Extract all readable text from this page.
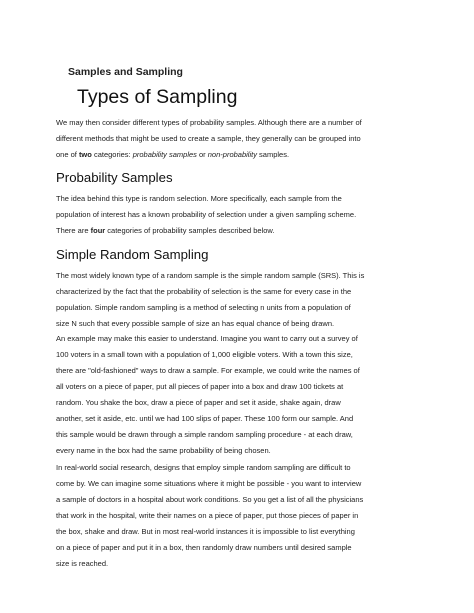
Samples and Sampling
Types of Sampling

We may then consider different types of probability samples. Although there are a number of
different methods that might be used to create a sample, they generally can be grouped into
one of two categories: probability samples or non-probability samples.

Probability Samples

The idea behind this type is random selection. More specifically, each sample from the
population of interest has a known probability of selection under a given sampling scheme.
There are four categories of probability samples described below.

Simple Random Sampling

The most widely known type of a random sample is the simple random sample (SRS). This is
characterized by the fact that the probability of selection is the same for every case in the
population. Simple random sampling is a method of selecting n units from a population of
size N such that every possible sample of size an has equal chance of being drawn.

An example may make this easier to understand. Imagine you want to carry out a survey of
100 voters in a small town with a population of 1,000 eligible voters. With a town this size,
there are "old-fashioned" ways to draw a sample. For example, we could write the names of
all voters on a piece of paper, put all pieces of paper into a box and draw 100 tickets at
random. You shake the box, draw a piece of paper and set it aside, shake again, draw
another, set it aside, etc. until we had 100 slips of paper. These 100 form our sample. And
this sample would be drawn through a simple random sampling procedure - at each draw,
every name in the box had the same probability of being chosen.

In real-world social research, designs that employ simple random sampling are difficult to
come by. We can imagine some situations where it might be possible - you want to interview
a sample of doctors in a hospital about work conditions. So you get a list of all the physicians
that work in the hospital, write their names on a piece of paper, put those pieces of paper in
the box, shake and draw. But in most real-world instances it is impossible to list everything
on a piece of paper and put it in a box, then randomly draw numbers until desired sample
size is reached.
